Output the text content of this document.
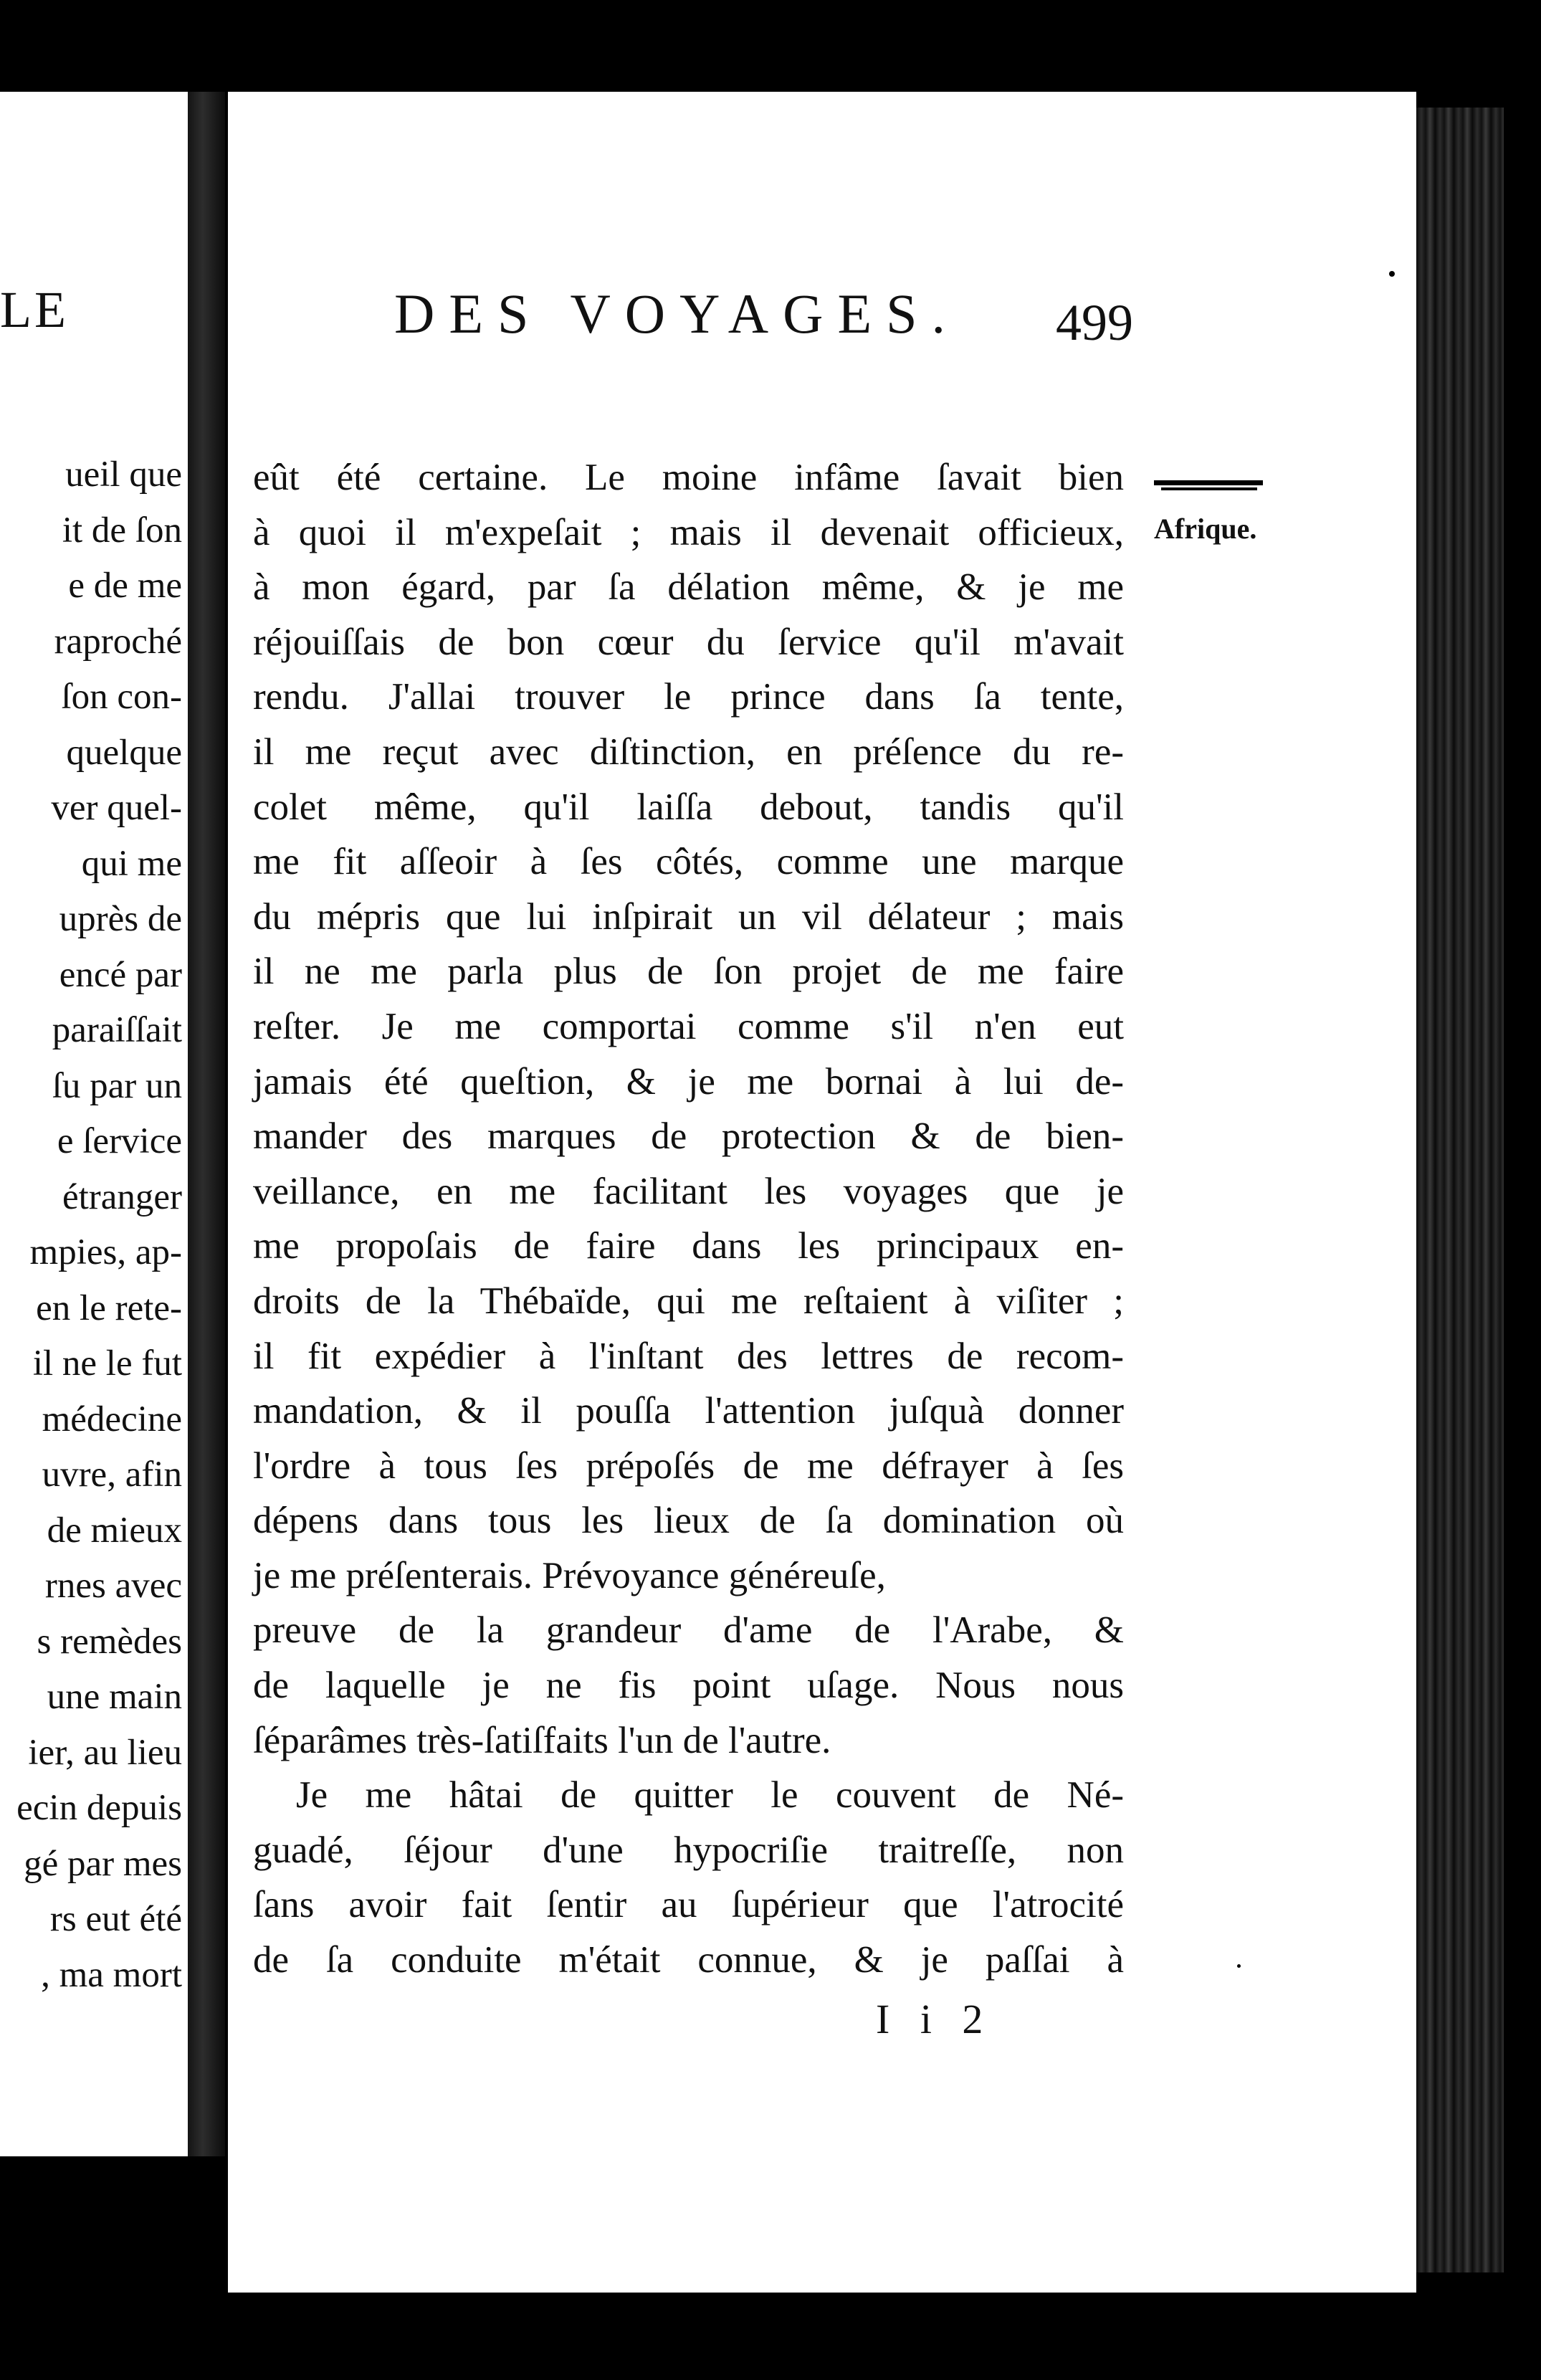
LE
ueil que
it de ſon
e de me
raproché
ſon con-
quelque
ver quel-
qui me
uprès de
encé par
paraiſſait
ſu par un
e ſervice
étranger
mpies, ap-
en le rete-
il ne le fut
médecine
uvre, afin
de mieux
rnes avec
s remèdes
une main
ier, au lieu
ecin depuis
gé par mes
rs eut été
, ma mort
DES VOYAGES.	499
Afrique.
eût été certaine. Le moine infâme ſavait bien
à quoi il m'expeſait ; mais il devenait officieux,
à mon égard, par ſa délation même, & je me
réjouiſſais de bon cœur du ſervice qu'il m'avait
rendu. J'allai trouver le prince dans ſa tente,
il me reçut avec diſtinction, en préſence du re-
colet même, qu'il laiſſa debout, tandis qu'il
me fit aſſeoir à ſes côtés, comme une marque
du mépris que lui inſpirait un vil délateur ; mais
il ne me parla plus de ſon projet de me faire
reſter. Je me comportai comme s'il n'en eut
jamais été queſtion, & je me bornai à lui de-
mander des marques de protection & de bien-
veillance, en me facilitant les voyages que je
me propoſais de faire dans les principaux en-
droits de la Thébaïde, qui me reſtaient à viſiter ;
il fit expédier à l'inſtant des lettres de recom-
mandation, & il pouſſa l'attention juſquà donner
l'ordre à tous ſes prépoſés de me défrayer à ſes
dépens dans tous les lieux de ſa domination où
je me préſenterais. Prévoyance généreuſe,
preuve de la grandeur d'ame de l'Arabe, &
de laquelle je ne fis point uſage. Nous nous
ſéparâmes très-ſatiſfaits l'un de l'autre.
Je me hâtai de quitter le couvent de Né-
guadé, ſéjour d'une hypocriſie traitreſſe, non
ſans avoir fait ſentir au ſupérieur que l'atrocité
de ſa conduite m'était connue, & je paſſai à
I i 2
